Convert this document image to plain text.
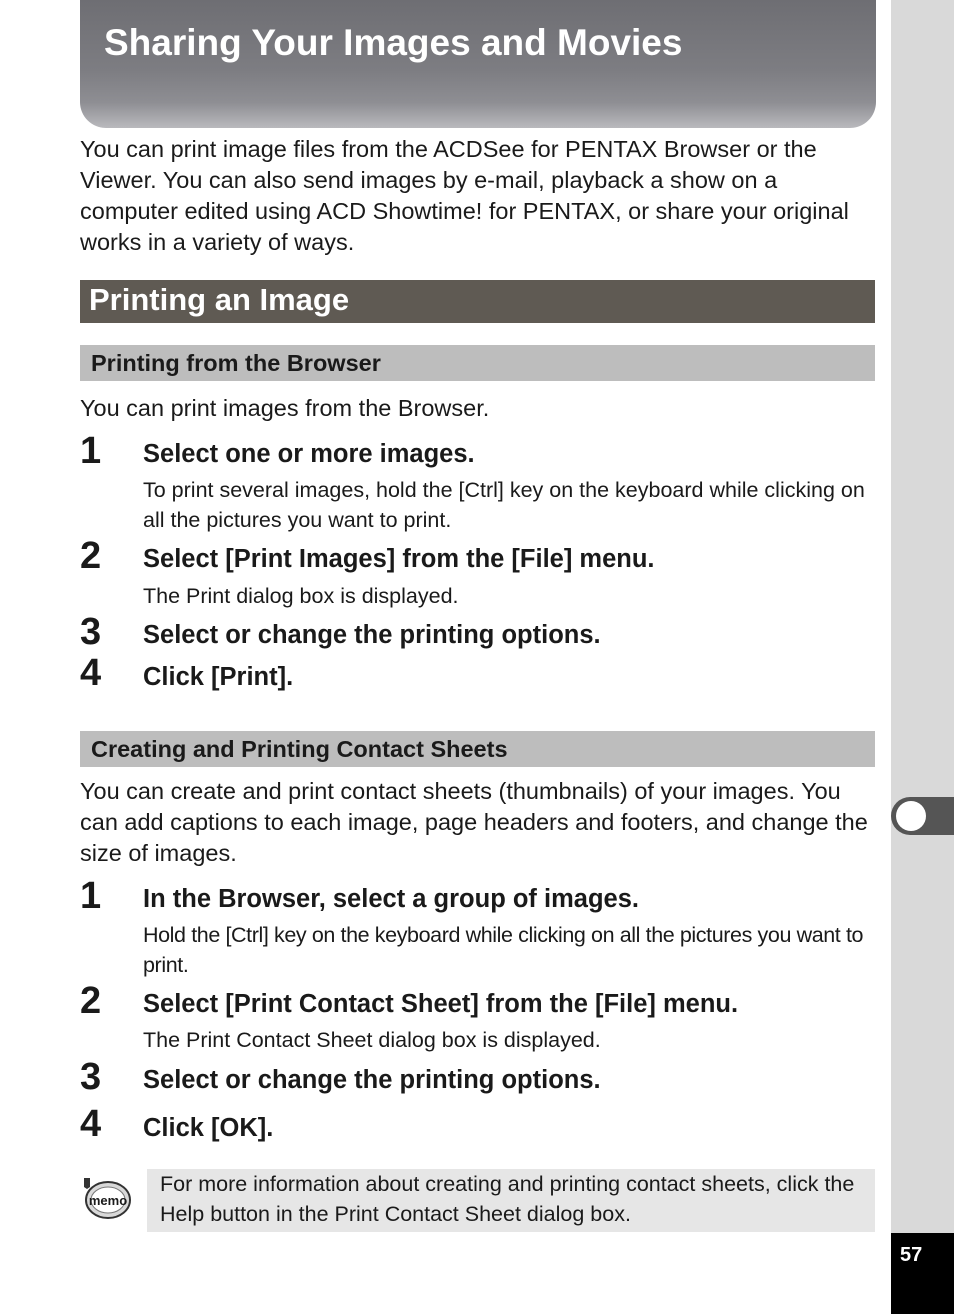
57
Sharing Your Images and Movies
You can print image files from the ACDSee for PENTAX Browser or the Viewer. You can also send images by e-mail, playback a show on a computer edited using ACD Showtime! for PENTAX, or share your original works in a variety of ways.
Printing an Image
Printing from the Browser
You can print images from the Browser.
1 Select one or more images.
To print several images, hold the [Ctrl] key on the keyboard while clicking on all the pictures you want to print.
2 Select [Print Images] from the [File] menu.
The Print dialog box is displayed.
3 Select or change the printing options.
4 Click [Print].
Creating and Printing Contact Sheets
You can create and print contact sheets (thumbnails) of your images. You can add captions to each image, page headers and footers, and change the size of images.
1 In the Browser, select a group of images.
Hold the [Ctrl] key on the keyboard while clicking on all the pictures you want to print.
2 Select [Print Contact Sheet] from the [File] menu.
The Print Contact Sheet dialog box is displayed.
3 Select or change the printing options.
4 Click [OK].
memo
For more information about creating and printing contact sheets, click the Help button in the Print Contact Sheet dialog box.
